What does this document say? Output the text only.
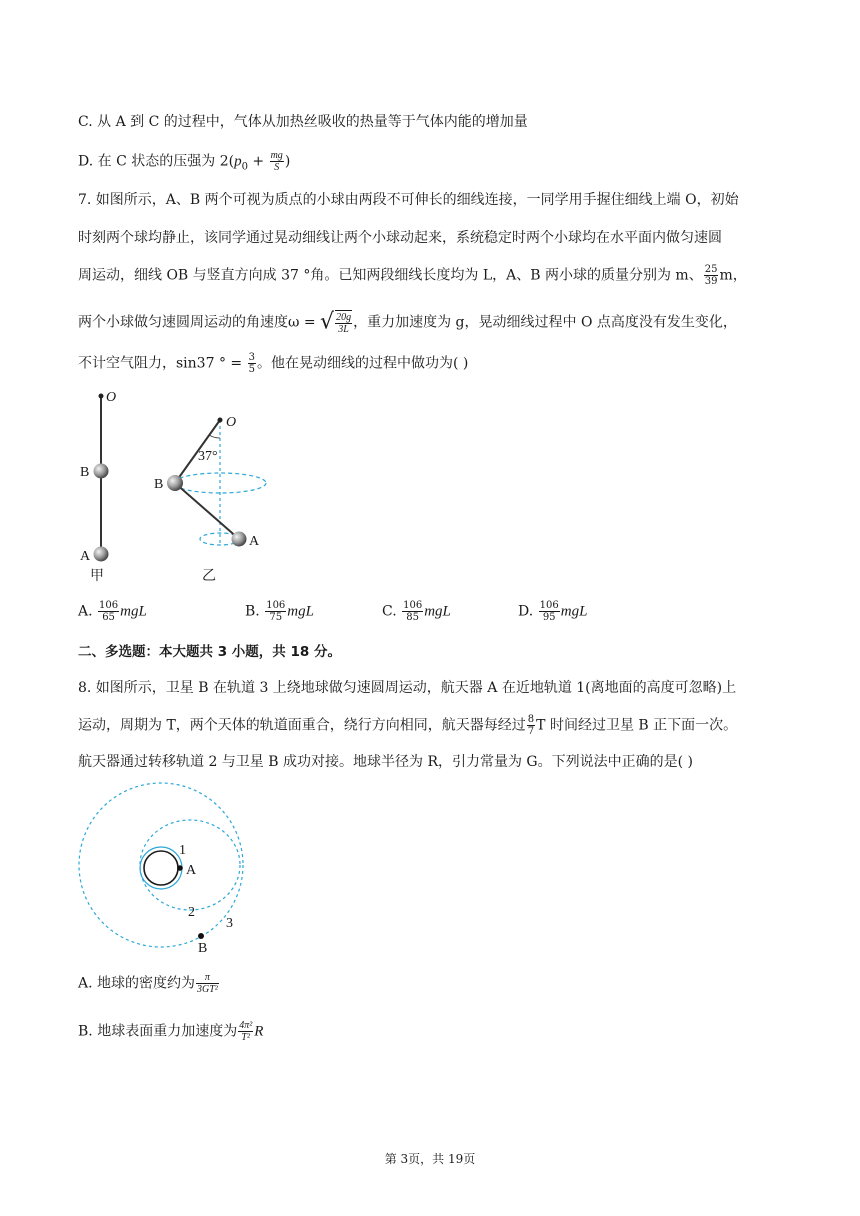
C. 从 A 到 C 的过程中，气体从加热丝吸收的热量等于气体内能的增加量
D. 在 C 状态的压强为 $2(p_0 + \frac{mg}{S}$ )
7. 如图所示，A、B 两个可视为质点的小球由两段不可伸长的细线连接，一同学用手握住细线上端 O，初始
时刻两个球均静止，该同学通过晃动细线让两个小球动起来，系统稳定时两个小球均在水平面内做匀速圆
周运动，细线 OB 与竖直方向成 37 °角。已知两段细线长度均为 L，A、B 两小球的质量分别为 m、 $\frac{25}{39}$ m，
两个小球做匀速圆周运动的角速度ω = √ $\frac{20g}{3L}$ ，重力加速度为 g，晃动细线过程中 O 点高度没有发生变化，
不计空气阻力，sin37 ° = $\frac{3}{5}$ 。他在晃动细线的过程中做功为( )
O
B
A
甲
O
37°
B
A
乙
A. $\frac{106}{65}$ mgL	B. $\frac{106}{75}$ mgL	C. $\frac{106}{85}$ mgL	D. $\frac{106}{95}$ mgL
二、多选题：本大题共 3 小题，共 18 分。
8. 如图所示，卫星 B 在轨道 3 上绕地球做匀速圆周运动，航天器 A 在近地轨道 1(离地面的高度可忽略)上
运动，周期为 T，两个天体的轨道面重合，绕行方向相同，航天器每经过 $\frac{8}{7}$ T 时间经过卫星 B 正下面一次。
航天器通过转移轨道 2 与卫星 B 成功对接。地球半径为 R，引力常量为 G。下列说法中正确的是( )
1
A
2
3
B
A. 地球的密度约为 $\frac{\pi}{\text{3GT²}}$
B. 地球表面重力加速度为 $\frac{\text{4π²}}{\text{T²}}$ R
第 3页，共 19页
